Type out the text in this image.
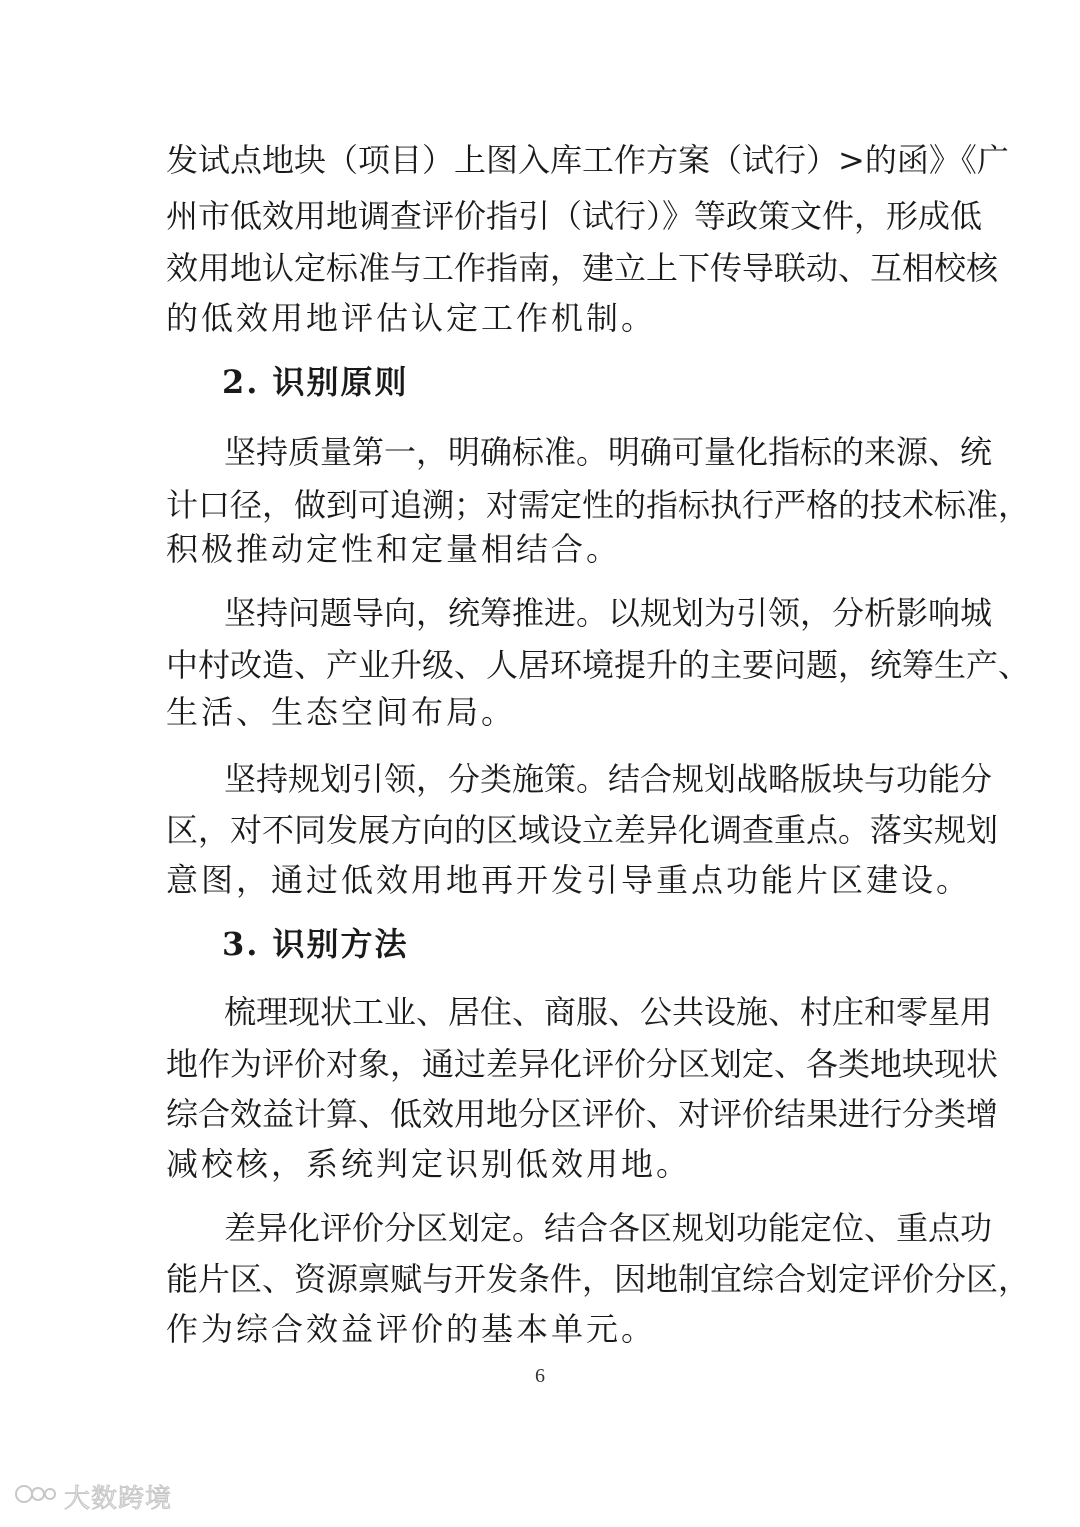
发试点地块（项目）上图入库工作方案（试行）>的函》《广
州市低效用地调查评价指引（试行）》等政策文件，形成低
效用地认定标准与工作指南，建立上下传导联动、互相校核
的低效用地评估认定工作机制。
2. 识别原则
坚持质量第一，明确标准。明确可量化指标的来源、统
计口径，做到可追溯；对需定性的指标执行严格的技术标准，
积极推动定性和定量相结合。
坚持问题导向，统筹推进。以规划为引领，分析影响城
中村改造、产业升级、人居环境提升的主要问题，统筹生产、
生活、生态空间布局。
坚持规划引领，分类施策。结合规划战略版块与功能分
区，对不同发展方向的区域设立差异化调查重点。落实规划
意图，通过低效用地再开发引导重点功能片区建设。
3. 识别方法
梳理现状工业、居住、商服、公共设施、村庄和零星用
地作为评价对象，通过差异化评价分区划定、各类地块现状
综合效益计算、低效用地分区评价、对评价结果进行分类增
减校核，系统判定识别低效用地。
差异化评价分区划定。结合各区规划功能定位、重点功
能片区、资源禀赋与开发条件，因地制宜综合划定评价分区，
作为综合效益评价的基本单元。
6
大数跨境
